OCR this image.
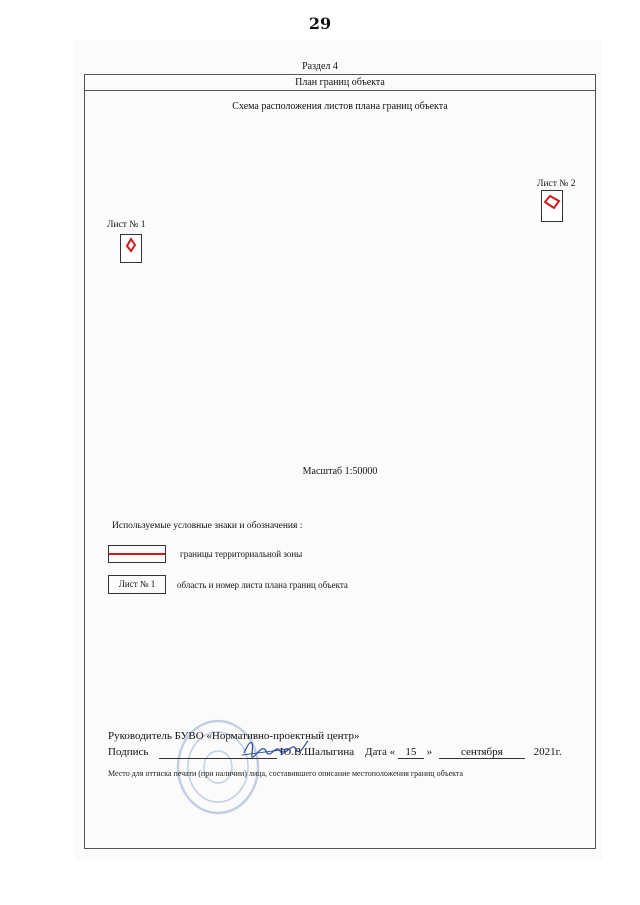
29
Раздел 4
План границ объекта
Схема расположения листов плана границ объекта
Лист № 1
Лист № 2
Масштаб 1:50000
Используемые условные знаки и обозначения :
границы территориальной зоны
Лист № 1	область и номер листа плана границ объекта
Руководитель БУВО «Нормативно-проектный центр»
Подпись	Ю.В.Шалыгина Дата « 15 »	сентября	2021г.
Место для оттиска печати (при наличии) лица, составившего описание местоположения границ объекта
